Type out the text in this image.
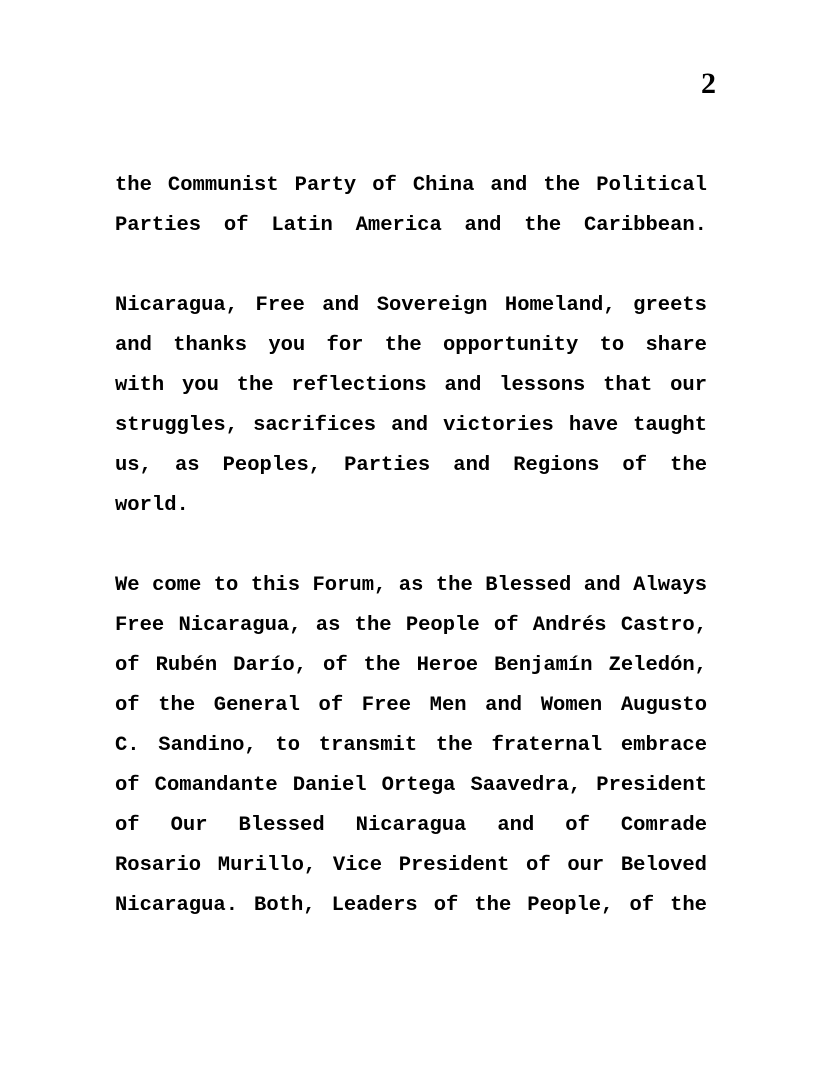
2
the Communist Party of China and the Political
Parties of Latin America and the Caribbean.
Nicaragua, Free and Sovereign Homeland, greets
and thanks you for the opportunity to share
with you the reflections and lessons that our
struggles, sacrifices and victories have taught
us, as Peoples, Parties and Regions of the
world.
We come to this Forum, as the Blessed and Always
Free Nicaragua, as the People of Andrés Castro,
of Rubén Darío, of the Heroe Benjamín Zeledón,
of the General of Free Men and Women Augusto
C. Sandino, to transmit the fraternal embrace
of Comandante Daniel Ortega Saavedra, President
of Our Blessed Nicaragua and of Comrade
Rosario Murillo, Vice President of our Beloved
Nicaragua. Both, Leaders of the People, of the
